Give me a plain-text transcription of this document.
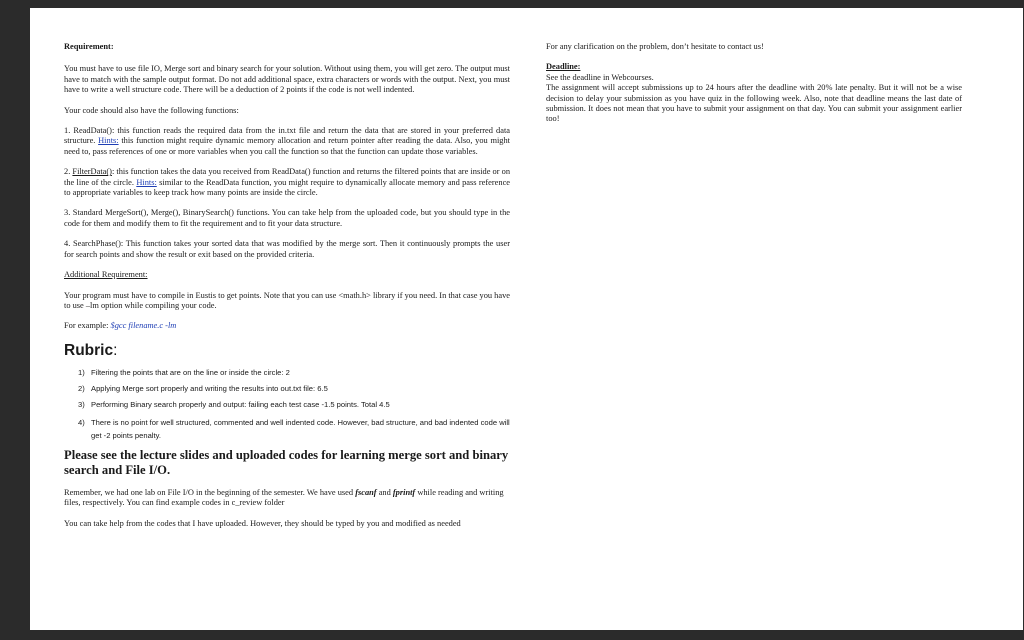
Requirement:

You must have to use file IO, Merge sort and binary search for your solution. Without using them, you will get zero. The output must have to match with the sample output format. Do not add additional space, extra characters or words with the output. Next, you must have to write a well structure code. There will be a deduction of 2 points if the code is not well indented.

Your code should also have the following functions:

1. ReadData(): this function reads the required data from the in.txt file and return the data that are stored in your preferred data structure. Hints: this function might require dynamic memory allocation and return pointer after reading the data. Also, you might need to, pass references of one or more variables when you call the function so that the function can update those variables.

2. FilterData(): this function takes the data you received from ReadData() function and returns the filtered points that are inside or on the line of the circle. Hints: similar to the ReadData function, you might require to dynamically allocate memory and pass reference to appropriate variables to keep track how many points are inside the circle.

3. Standard MergeSort(), Merge(), BinarySearch() functions. You can take help from the uploaded code, but you should type in the code for them and modify them to fit the requirement and to fit your data structure.

4. SearchPhase(): This function takes your sorted data that was modified by the merge sort. Then it continuously prompts the user for search points and show the result or exit based on the provided criteria.

Additional Requirement:

Your program must have to compile in Eustis to get points. Note that you can use <math.h> library if you need. In that case you have to use –lm option while compiling your code.

For example: $gcc filename.c -lm

Rubric:
1) Filtering the points that are on the line or inside the circle: 2
2) Applying Merge sort properly and writing the results into out.txt file: 6.5
3) Performing Binary search properly and output: failing each test case -1.5 points. Total 4.5
4) There is no point for well structured, commented and well indented code. However, bad structure, and bad indented code will get -2 points penalty.

Please see the lecture slides and uploaded codes for learning merge sort and binary search and File I/O.

Remember, we had one lab on File I/O in the beginning of the semester. We have used fscanf and fprintf while reading and writing files, respectively. You can find example codes in c_review folder

You can take help from the codes that I have uploaded. However, they should be typed by you and modified as needed

For any clarification on the problem, don’t hesitate to contact us!

Deadline:

See the deadline in Webcourses.

The assignment will accept submissions up to 24 hours after the deadline with 20% late penalty. But it will not be a wise decision to delay your submission as you have quiz in the following week. Also, note that deadline means the last date of submission. It does not mean that you have to submit your assignment on that day. You can submit your assignment earlier too!
